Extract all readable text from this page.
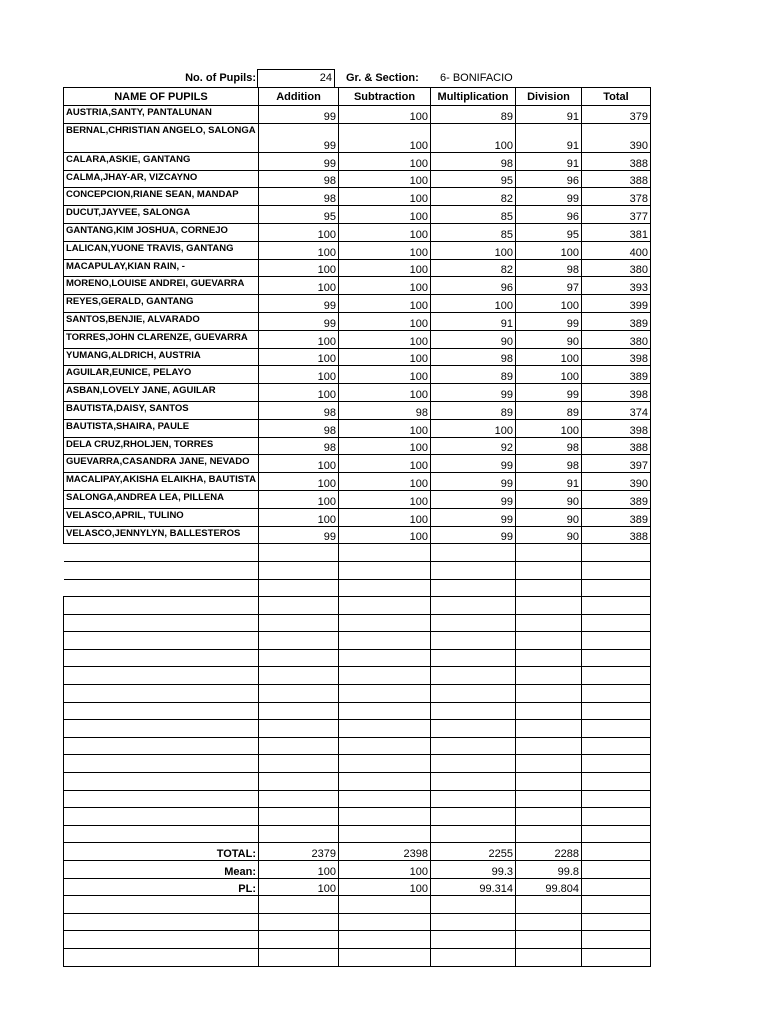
No. of Pupils:	24 Gr. & Section: 6- BONIFACIO
NAME OF PUPILS	Addition	Subtraction	Multiplication	Division	Total
AUSTRIA,SANTY, PANTALUNAN	99	100	89	91	379
BERNAL,CHRISTIAN ANGELO, SALONGA	99	100	100	91	390
CALARA,ASKIE, GANTANG	99	100	98	91	388
CALMA,JHAY-AR, VIZCAYNO	98	100	95	96	388
CONCEPCION,RIANE SEAN, MANDAP	98	100	82	99	378
DUCUT,JAYVEE, SALONGA	95	100	85	96	377
GANTANG,KIM JOSHUA, CORNEJO	100	100	85	95	381
LALICAN,YUONE TRAVIS, GANTANG	100	100	100	100	400
MACAPULAY,KIAN RAIN, -	100	100	82	98	380
MORENO,LOUISE ANDREI, GUEVARRA	100	100	96	97	393
REYES,GERALD, GANTANG	99	100	100	100	399
SANTOS,BENJIE, ALVARADO	99	100	91	99	389
TORRES,JOHN CLARENZE, GUEVARRA	100	100	90	90	380
YUMANG,ALDRICH, AUSTRIA	100	100	98	100	398
AGUILAR,EUNICE, PELAYO	100	100	89	100	389
ASBAN,LOVELY JANE, AGUILAR	100	100	99	99	398
BAUTISTA,DAISY, SANTOS	98	98	89	89	374
BAUTISTA,SHAIRA, PAULE	98	100	100	100	398
DELA CRUZ,RHOLJEN, TORRES	98	100	92	98	388
GUEVARRA,CASANDRA JANE, NEVADO	100	100	99	98	397
MACALIPAY,AKISHA ELAIKHA, BAUTISTA	100	100	99	91	390
SALONGA,ANDREA LEA, PILLENA	100	100	99	90	389
VELASCO,APRIL, TULINO	100	100	99	90	389
VELASCO,JENNYLYN, BALLESTEROS	99	100	99	90	388

TOTAL:	2379	2398	2255	2288	
Mean:	100	100	99.3	99.8	
PL:	100	100	99.314	99.804	
